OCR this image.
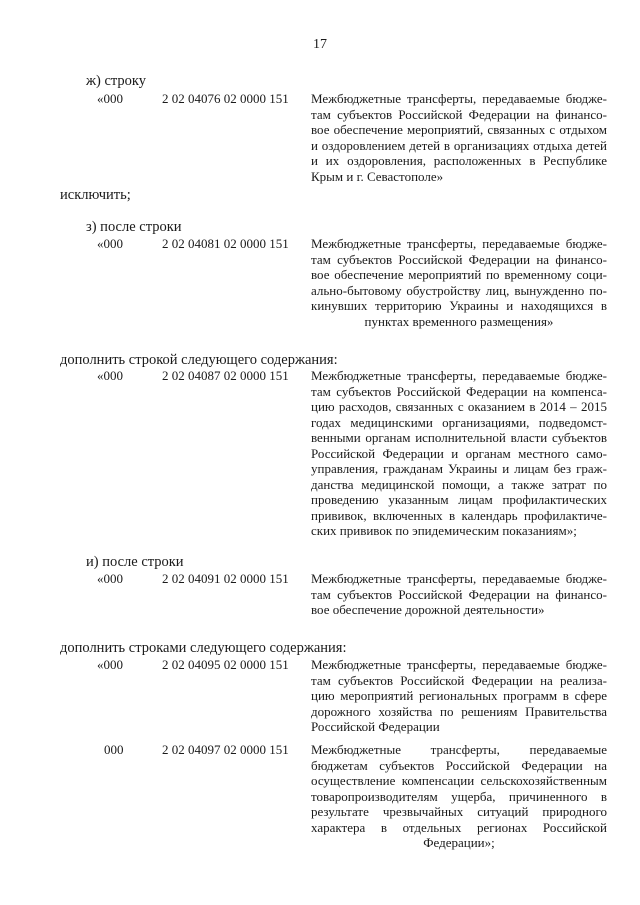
17
ж) строку
«000	2 02 04076 02 0000 151 Межбюджетные трансферты, передаваемые бюдже-
там субъектов Российской Федерации на финансо-
вое обеспечение мероприятий, связанных с отдыхом
и оздоровлением детей в организациях отдыха детей
и их оздоровления, расположенных в Республике
Крым и г. Севастополе»
исключить;
з) после строки
«000	2 02 04081 02 0000 151 Межбюджетные трансферты, передаваемые бюдже-
там субъектов Российской Федерации на финансо-
вое обеспечение мероприятий по временному соци-
ально-бытовому обустройству лиц, вынужденно по-
кинувших территорию Украины и находящихся в
пунктах временного размещения»
дополнить строкой следующего содержания:
«000	2 02 04087 02 0000 151 Межбюджетные трансферты, передаваемые бюдже-
там субъектов Российской Федерации на компенса-
цию расходов, связанных с оказанием в 2014 – 2015
годах медицинскими организациями, подведомст-
венными органам исполнительной власти субъектов
Российской Федерации и органам местного само-
управления, гражданам Украины и лицам без граж-
данства медицинской помощи, а также затрат по
проведению указанным лицам профилактических
прививок, включенных в календарь профилактиче-
ских прививок по эпидемическим показаниям»;
и) после строки
«000	2 02 04091 02 0000 151 Межбюджетные трансферты, передаваемые бюдже-
там субъектов Российской Федерации на финансо-
вое обеспечение дорожной деятельности»
дополнить строками следующего содержания:
«000	2 02 04095 02 0000 151 Межбюджетные трансферты, передаваемые бюдже-
там субъектов Российской Федерации на реализа-
цию мероприятий региональных программ в сфере
дорожного хозяйства по решениям Правительства
Российской Федерации
000	2 02 04097 02 0000 151 Межбюджетные трансферты, передаваемые
бюджетам субъектов Российской Федерации на
осуществление компенсации сельскохозяйственным
товаропроизводителям ущерба, причиненного в
результате чрезвычайных ситуаций природного
характера в отдельных регионах Российской
Федерации»;
